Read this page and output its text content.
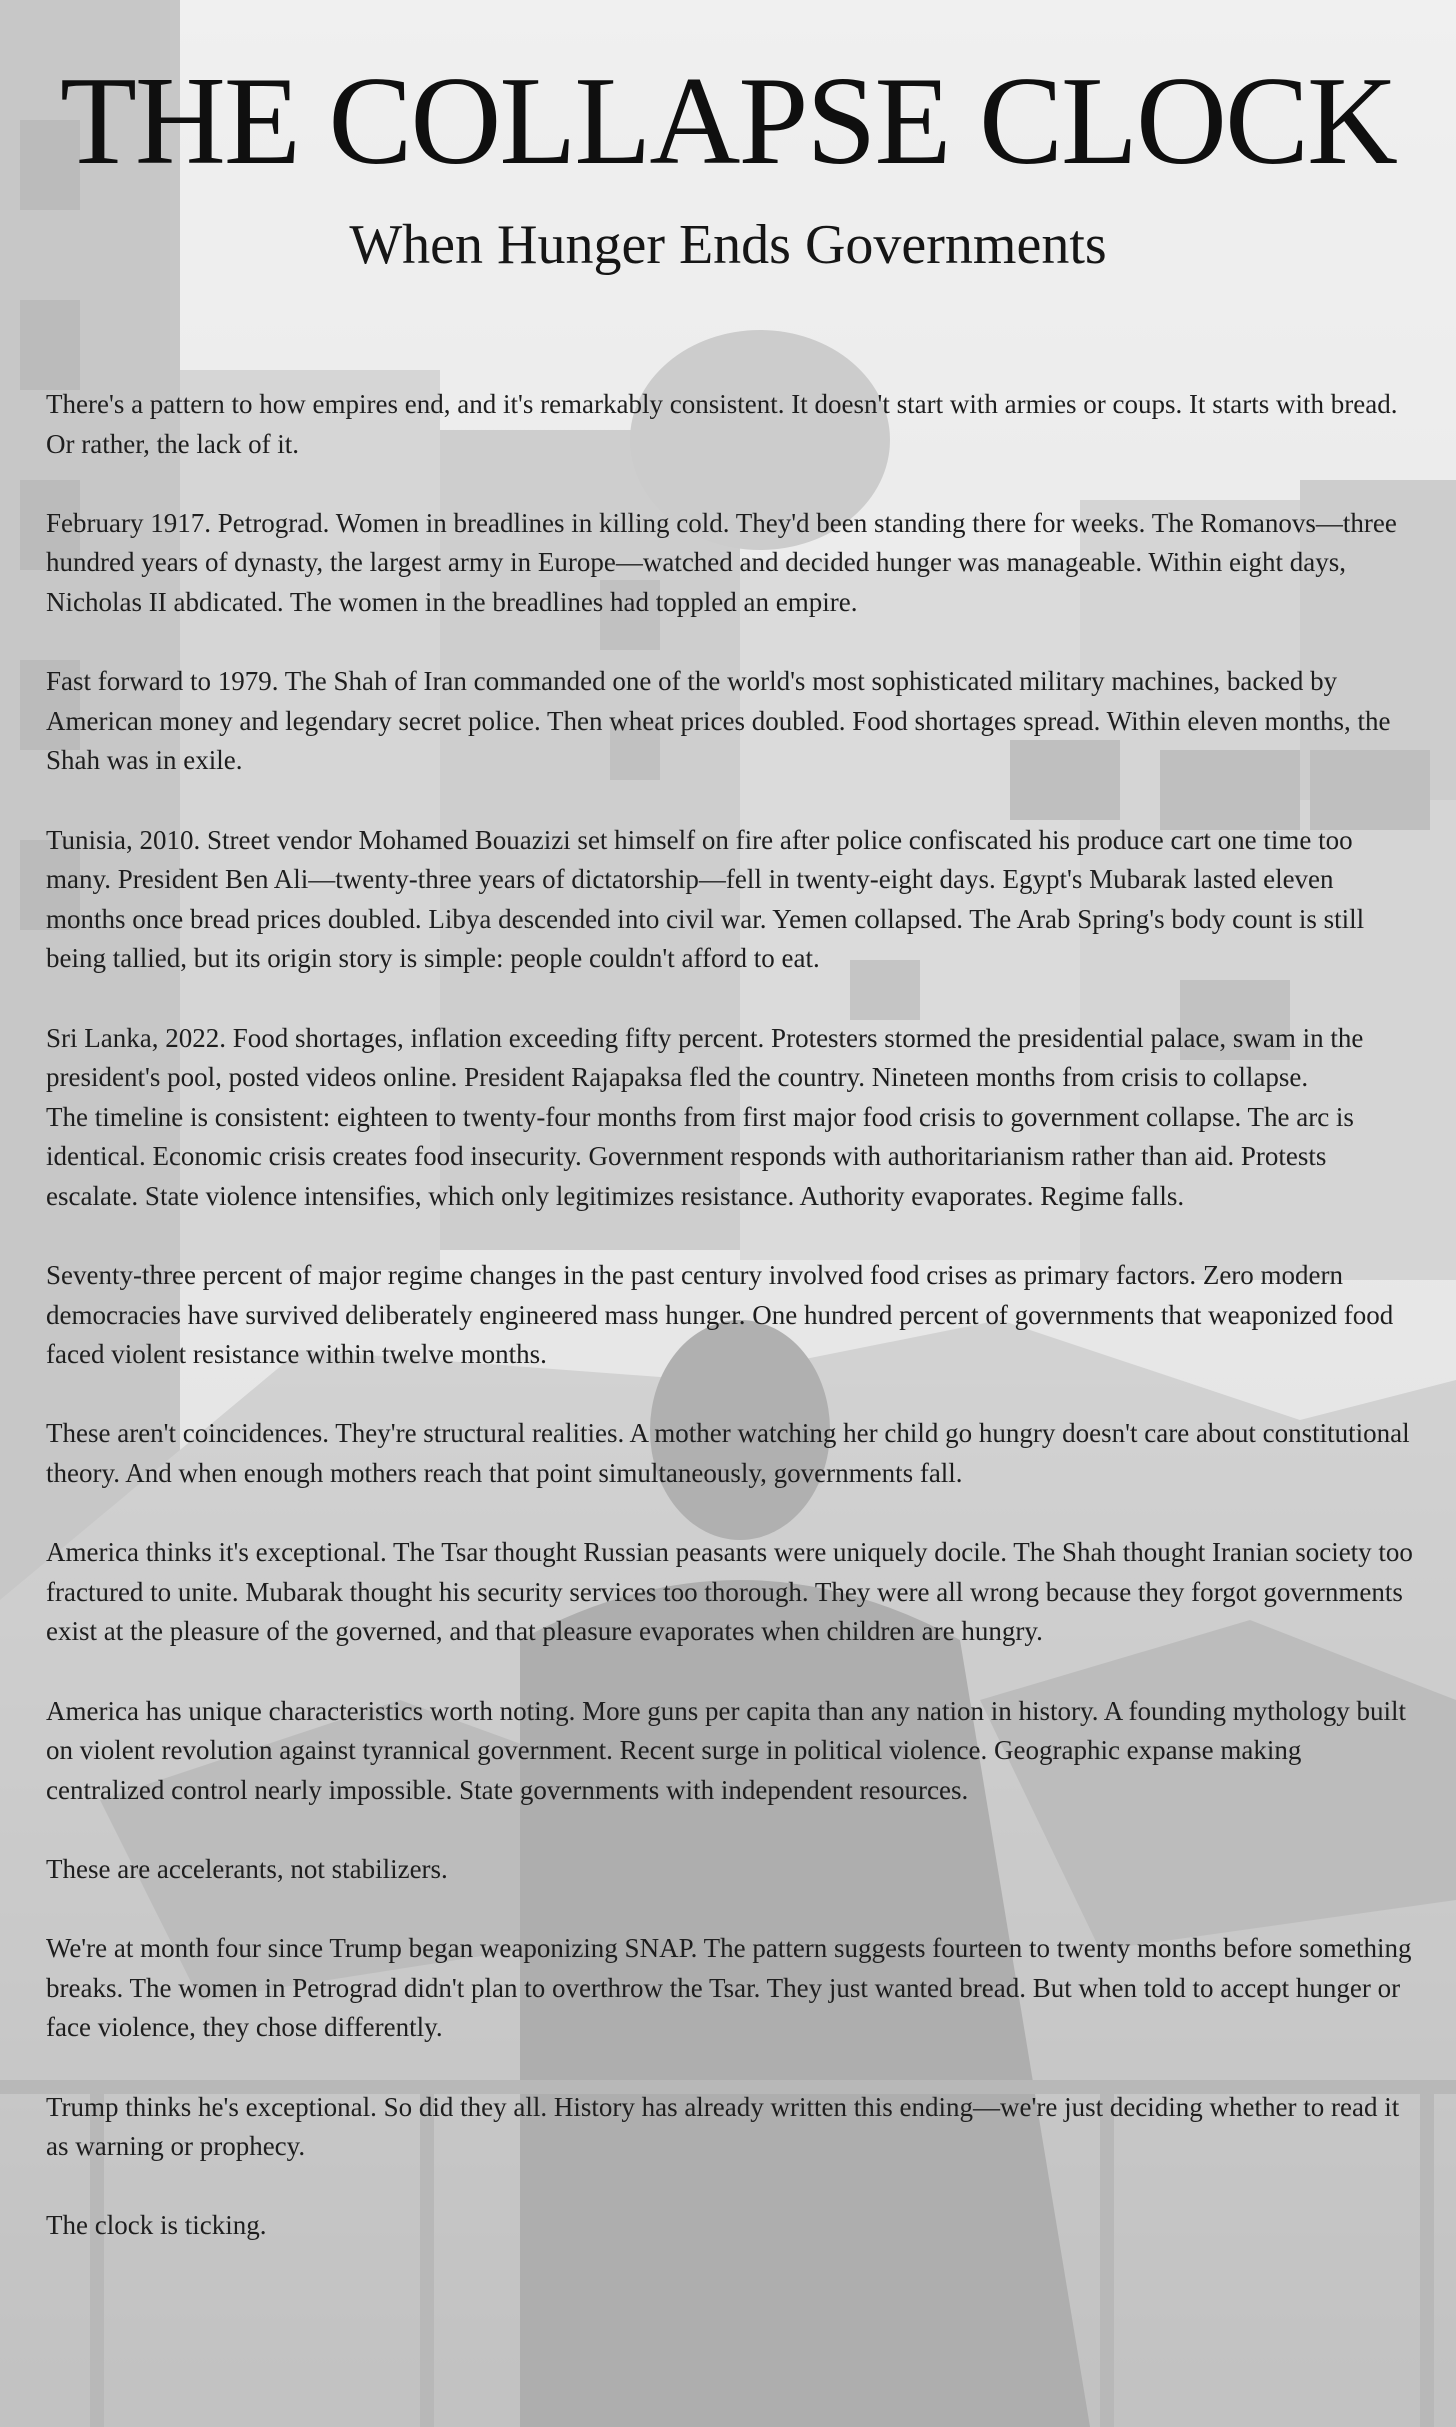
THE COLLAPSE CLOCK
When Hunger Ends Governments

There's a pattern to how empires end, and it's remarkably consistent. It doesn't start with armies or coups. It starts with bread. Or rather, the lack of it.

February 1917. Petrograd. Women in breadlines in killing cold. They'd been standing there for weeks. The Romanovs—three hundred years of dynasty, the largest army in Europe—watched and decided hunger was manageable. Within eight days, Nicholas II abdicated. The women in the breadlines had toppled an empire.

Fast forward to 1979. The Shah of Iran commanded one of the world's most sophisticated military machines, backed by American money and legendary secret police. Then wheat prices doubled. Food shortages spread. Within eleven months, the Shah was in exile.

Tunisia, 2010. Street vendor Mohamed Bouazizi set himself on fire after police confiscated his produce cart one time too many. President Ben Ali—twenty-three years of dictatorship—fell in twenty-eight days. Egypt's Mubarak lasted eleven months once bread prices doubled. Libya descended into civil war. Yemen collapsed. The Arab Spring's body count is still being tallied, but its origin story is simple: people couldn't afford to eat.

Sri Lanka, 2022. Food shortages, inflation exceeding fifty percent. Protesters stormed the presidential palace, swam in the president's pool, posted videos online. President Rajapaksa fled the country. Nineteen months from crisis to collapse.

The timeline is consistent: eighteen to twenty-four months from first major food crisis to government collapse. The arc is identical. Economic crisis creates food insecurity. Government responds with authoritarianism rather than aid. Protests escalate. State violence intensifies, which only legitimizes resistance. Authority evaporates. Regime falls.

Seventy-three percent of major regime changes in the past century involved food crises as primary factors. Zero modern democracies have survived deliberately engineered mass hunger. One hundred percent of governments that weaponized food faced violent resistance within twelve months.

These aren't coincidences. They're structural realities. A mother watching her child go hungry doesn't care about constitutional theory. And when enough mothers reach that point simultaneously, governments fall.

America thinks it's exceptional. The Tsar thought Russian peasants were uniquely docile. The Shah thought Iranian society too fractured to unite. Mubarak thought his security services too thorough. They were all wrong because they forgot governments exist at the pleasure of the governed, and that pleasure evaporates when children are hungry.

America has unique characteristics worth noting. More guns per capita than any nation in history. A founding mythology built on violent revolution against tyrannical government. Recent surge in political violence. Geographic expanse making centralized control nearly impossible. State governments with independent resources.

These are accelerants, not stabilizers.

We're at month four since Trump began weaponizing SNAP. The pattern suggests fourteen to twenty months before something breaks. The women in Petrograd didn't plan to overthrow the Tsar. They just wanted bread. But when told to accept hunger or face violence, they chose differently.

Trump thinks he's exceptional. So did they all. History has already written this ending—we're just deciding whether to read it as warning or prophecy.

The clock is ticking.
